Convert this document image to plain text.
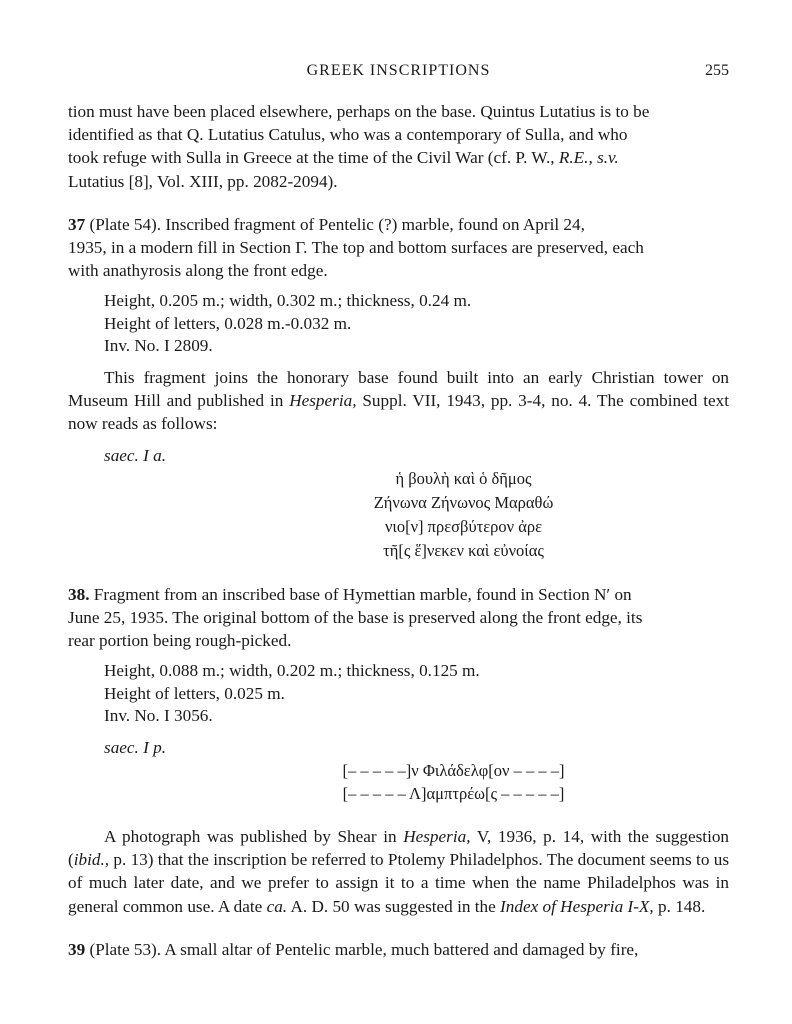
GREEK INSCRIPTIONS	255

tion must have been placed elsewhere, perhaps on the base. Quintus Lutatius is to be
identified as that Q. Lutatius Catulus, who was a contemporary of Sulla, and who
took refuge with Sulla in Greece at the time of the Civil War (cf. P. W., R.E., s.v.
Lutatius [8], Vol. XIII, pp. 2082-2094).

37 (Plate 54). Inscribed fragment of Pentelic (?) marble, found on April 24,
1935, in a modern fill in Section Γ. The top and bottom surfaces are preserved, each
with anathyrosis along the front edge.

Height, 0.205 m.; width, 0.302 m.; thickness, 0.24 m.
Height of letters, 0.028 m.-0.032 m.
Inv. No. I 2809.

This fragment joins the honorary base found built into an early Christian tower on Museum Hill and published in Hesperia, Suppl. VII, 1943, pp. 3-4, no. 4. The combined text now reads as follows:

saec. I a.
ἡ βουλὴ καὶ ὁ δῆμος
Ζήνωνα Ζήνωνος Μαραθώ
νιο[ν] πρεσβύτερον ἀρε
τῆ[ς ἕ]νεκεν καὶ εὐνοίας

38. Fragment from an inscribed base of Hymettian marble, found in Section Ν′ on
June 25, 1935. The original bottom of the base is preserved along the front edge, its
rear portion being rough-picked.

Height, 0.088 m.; width, 0.202 m.; thickness, 0.125 m.
Height of letters, 0.025 m.
Inv. No. I 3056.
saec. I p.
[– – – – –]ν Φιλάδελφ[ον – – – –]
[– – – – – Λ]αμπτρέω[ς – – – – –]

A photograph was published by Shear in Hesperia, V, 1936, p. 14, with the suggestion (ibid., p. 13) that the inscription be referred to Ptolemy Philadelphos. The document seems to us of much later date, and we prefer to assign it to a time when the name Philadelphos was in general common use. A date ca. A. D. 50 was suggested in the Index of Hesperia I-X, p. 148.

39 (Plate 53). A small altar of Pentelic marble, much battered and damaged by fire,
